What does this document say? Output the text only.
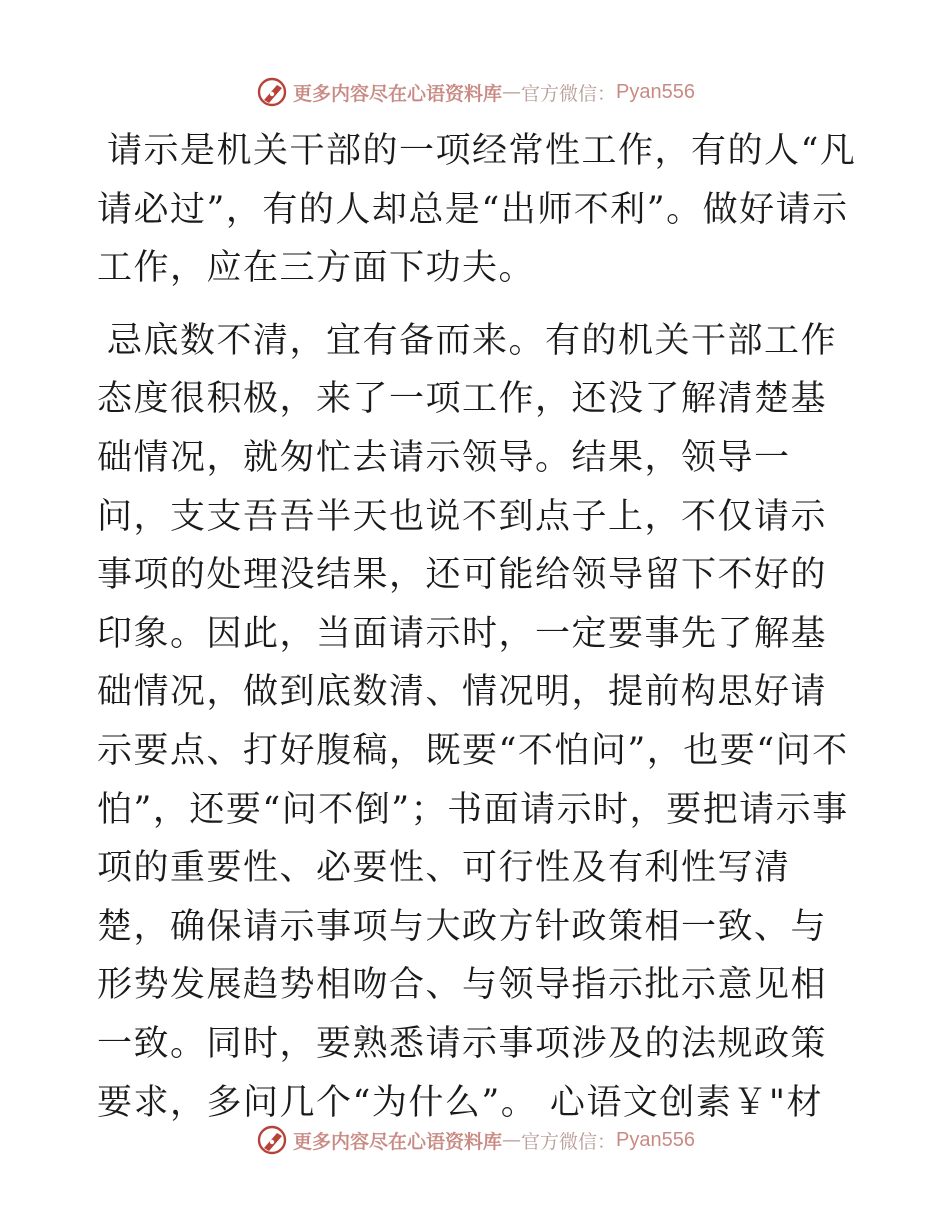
更多内容尽在心语资料库 — 官方微信： Pyan556

请示是机关干部的一项经常性工作，有的人“凡请必过”，有的人却总是“出师不利”。做好请示工作，应在三方面下功夫。

忌底数不清，宜有备而来。有的机关干部工作态度很积极，来了一项工作，还没了解清楚基础情况，就匆忙去请示领导。结果，领导一问，支支吾吾半天也说不到点子上，不仅请示事项的处理没结果，还可能给领导留下不好的印象。因此，当面请示时，一定要事先了解基础情况，做到底数清、情况明，提前构思好请示要点、打好腹稿，既要“不怕问”，也要“问不怕”，还要“问不倒”；书面请示时，要把请示事项的重要性、必要性、可行性及有利性写清楚，确保请示事项与大政方针政策相一致、与形势发展趋势相吻合、与领导指示批示意见相一致。同时，要熟悉请示事项涉及的法规政策要求，多问几个“为什么”。 心语文创素￥"材

更多内容尽在心语资料库 — 官方微信： Pyan556
